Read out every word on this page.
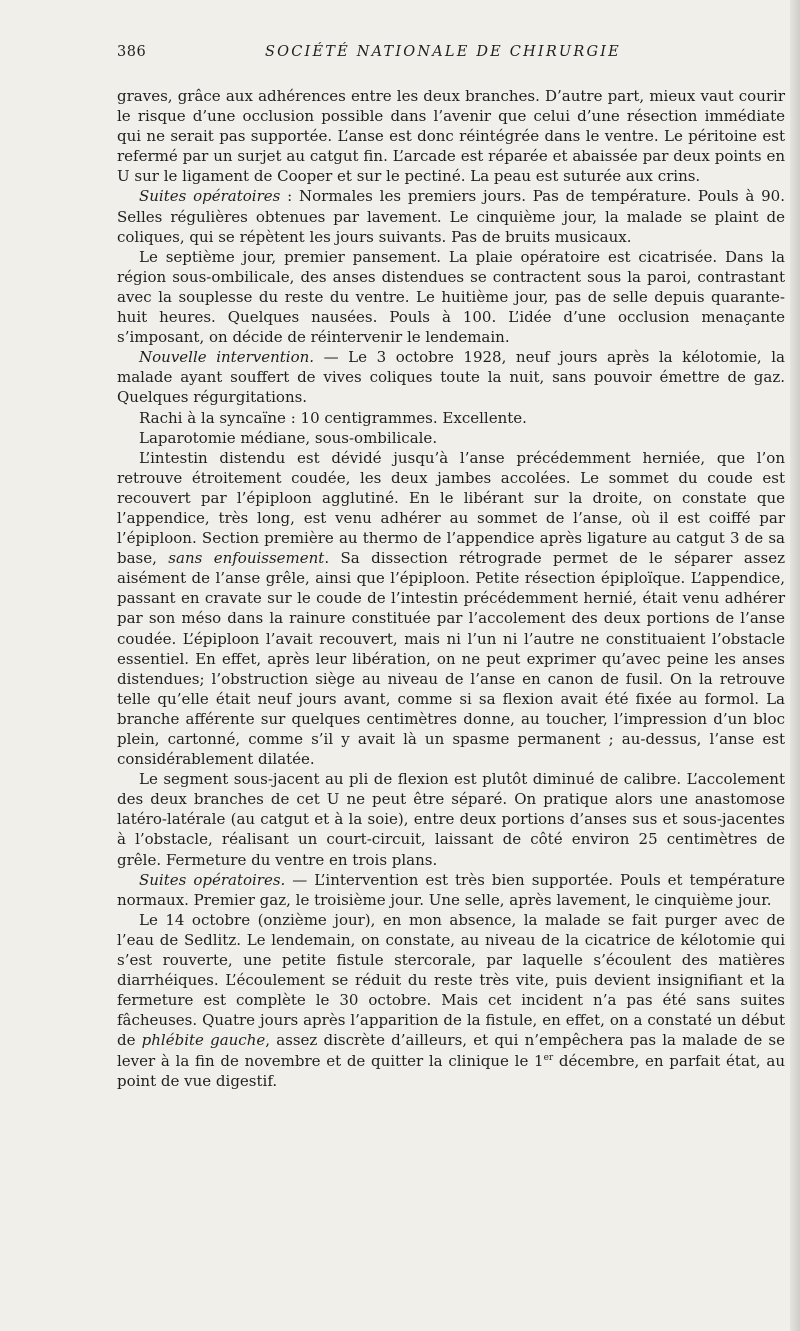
386	SOCIÉTÉ NATIONALE DE CHIRURGIE

graves, grâce aux adhérences entre les deux branches. D’autre part, mieux vaut courir le risque d’une occlusion possible dans l’avenir que celui d’une résection immédiate qui ne serait pas supportée. L’anse est donc réintégrée dans le ventre. Le péritoine est refermé par un surjet au catgut fin. L’arcade est réparée et abaissée par deux points en U sur le ligament de Cooper et sur le pectiné. La peau est suturée aux crins.

Suites opératoires : Normales les premiers jours. Pas de température. Pouls à 90. Selles régulières obtenues par lavement. Le cinquième jour, la malade se plaint de coliques, qui se répètent les jours suivants. Pas de bruits musicaux.

Le septième jour, premier pansement. La plaie opératoire est cicatrisée. Dans la région sous-ombilicale, des anses distendues se contractent sous la paroi, contrastant avec la souplesse du reste du ventre. Le huitième jour, pas de selle depuis quarante-huit heures. Quelques nausées. Pouls à 100. L’idée d’une occlusion menaçante s’imposant, on décide de réintervenir le lendemain.

Nouvelle intervention. — Le 3 octobre 1928, neuf jours après la kélotomie, la malade ayant souffert de vives coliques toute la nuit, sans pouvoir émettre de gaz. Quelques régurgitations.

Rachi à la syncaïne : 10 centigrammes. Excellente.

Laparotomie médiane, sous-ombilicale.

L’intestin distendu est dévidé jusqu’à l’anse précédemment herniée, que l’on retrouve étroitement coudée, les deux jambes accolées. Le sommet du coude est recouvert par l’épiploon agglutiné. En le libérant sur la droite, on constate que l’appendice, très long, est venu adhérer au sommet de l’anse, où il est coiffé par l’épiploon. Section première au thermo de l’appendice après ligature au catgut 3 de sa base, sans enfouissement. Sa dissection rétrograde permet de le séparer assez aisément de l’anse grêle, ainsi que l’épiploon. Petite résection épiploïque. L’appendice, passant en cravate sur le coude de l’intestin précédemment hernié, était venu adhérer par son méso dans la rainure constituée par l’accolement des deux portions de l’anse coudée. L’épiploon l’avait recouvert, mais ni l’un ni l’autre ne constituaient l’obstacle essentiel. En effet, après leur libération, on ne peut exprimer qu’avec peine les anses distendues; l’obstruction siège au niveau de l’anse en canon de fusil. On la retrouve telle qu’elle était neuf jours avant, comme si sa flexion avait été fixée au formol. La branche afférente sur quelques centimètres donne, au toucher, l’impression d’un bloc plein, cartonné, comme s’il y avait là un spasme permanent ; au-dessus, l’anse est considérablement dilatée.

Le segment sous-jacent au pli de flexion est plutôt diminué de calibre. L’accolement des deux branches de cet U ne peut être séparé. On pratique alors une anastomose latéro-latérale (au catgut et à la soie), entre deux portions d’anses sus et sous-jacentes à l’obstacle, réalisant un court-circuit, laissant de côté environ 25 centimètres de grêle. Fermeture du ventre en trois plans.

Suites opératoires. — L’intervention est très bien supportée. Pouls et température normaux. Premier gaz, le troisième jour. Une selle, après lavement, le cinquième jour.

Le 14 octobre (onzième jour), en mon absence, la malade se fait purger avec de l’eau de Sedlitz. Le lendemain, on constate, au niveau de la cicatrice de kélotomie qui s’est rouverte, une petite fistule stercorale, par laquelle s’écoulent des matières diarrhéiques. L’écoulement se réduit du reste très vite, puis devient insignifiant et la fermeture est complète le 30 octobre. Mais cet incident n’a pas été sans suites fâcheuses. Quatre jours après l’apparition de la fistule, en effet, on a constaté un début de phlébite gauche, assez discrète d’ailleurs, et qui n’empêchera pas la malade de se lever à la fin de novembre et de quitter la clinique le 1er décembre, en parfait état, au point de vue digestif.
